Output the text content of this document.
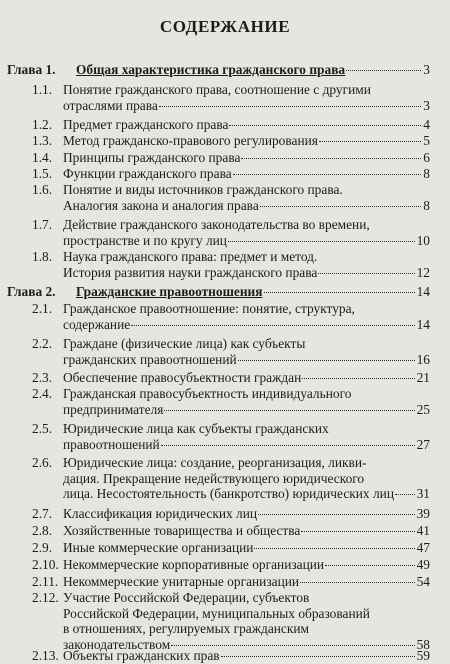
СОДЕРЖАНИЕ
Глава 1. Общая характеристика гражданского права	3
1.1. Понятие гражданского права, соотношение с другими
отраслями права	3
1.2. Предмет гражданского права	4
1.3. Метод гражданско-правового регулирования	5
1.4. Принципы гражданского права	6
1.5. Функции гражданского права	8
1.6. Понятие и виды источников гражданского права.
Аналогия закона и аналогия права	8
1.7. Действие гражданского законодательства во времени,
пространстве и по кругу лиц	10
1.8. Наука гражданского права: предмет и метод.
История развития науки гражданского права	12
Глава 2. Гражданские правоотношения	14
2.1. Гражданское правоотношение: понятие, структура,
содержание	14
2.2. Граждане (физические лица) как субъекты
гражданских правоотношений	16
2.3. Обеспечение правосубъектности граждан	21
2.4. Гражданская правосубъектность индивидуального
предпринимателя	25
2.5. Юридические лица как субъекты гражданских
правоотношений	27
2.6. Юридические лица: создание, реорганизация, ликви-
дация. Прекращение недействующего юридического
лица. Несостоятельность (банкротство) юридических лиц 31
2.7. Классификация юридических лиц	39
2.8. Хозяйственные товарищества и общества	41
2.9. Иные коммерческие организации	47
2.10. Некоммерческие корпоративные организации	49
2.11. Некоммерческие унитарные организации	54
2.12. Участие Российской Федерации, субъектов
Российской Федерации, муниципальных образований
в отношениях, регулируемых гражданским
законодательством	58
2.13. Объекты гражданских прав	59
